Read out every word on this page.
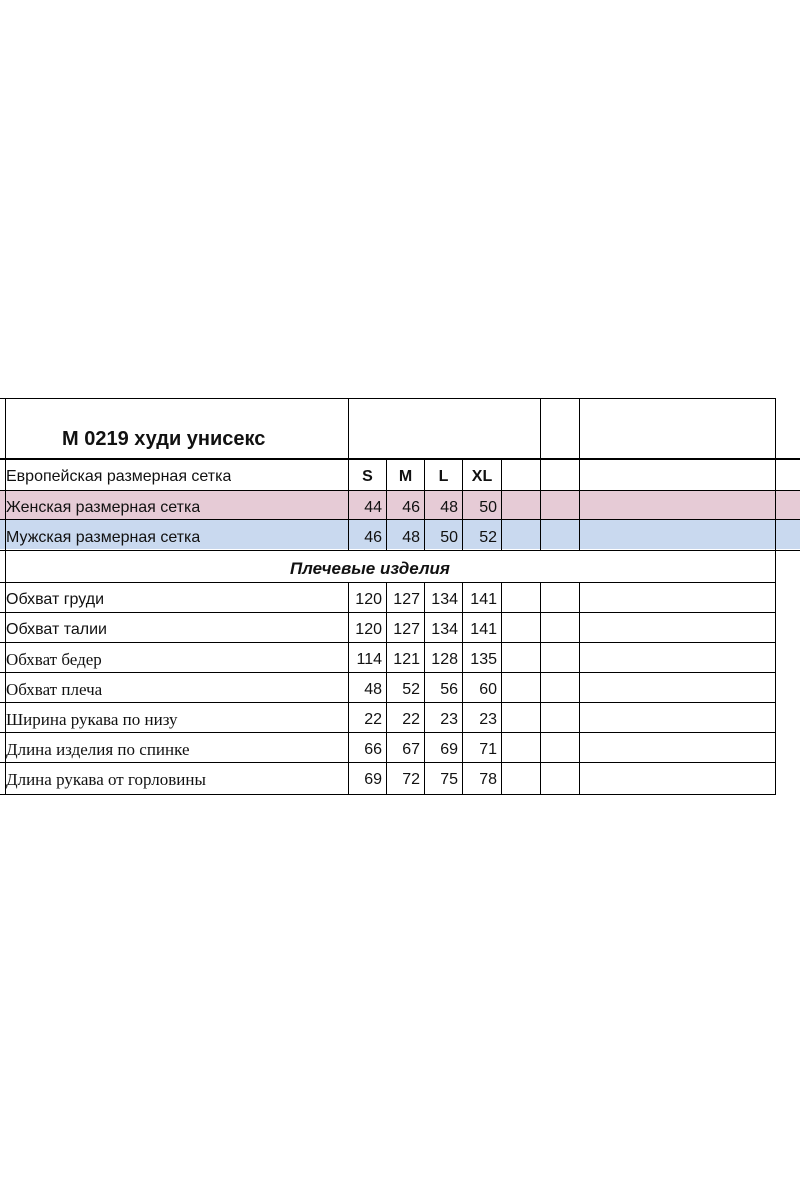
М 0219 худи унисекс
Европейская размерная сетка	S	M	L	XL
Женская размерная сетка	44	46	48	50
Мужская размерная сетка	46	48	50	52
Плечевые изделия
Обхват груди	120 127 134 141
Обхват талии	120 127 134 141
Обхват бедер	114 121 128 135
Обхват плеча	48	52	56	60
Ширина рукава по низу	22	22	23	23
Длина изделия по спинке	66	67	69	71
Длина рукава от горловины	69	72	75	78
